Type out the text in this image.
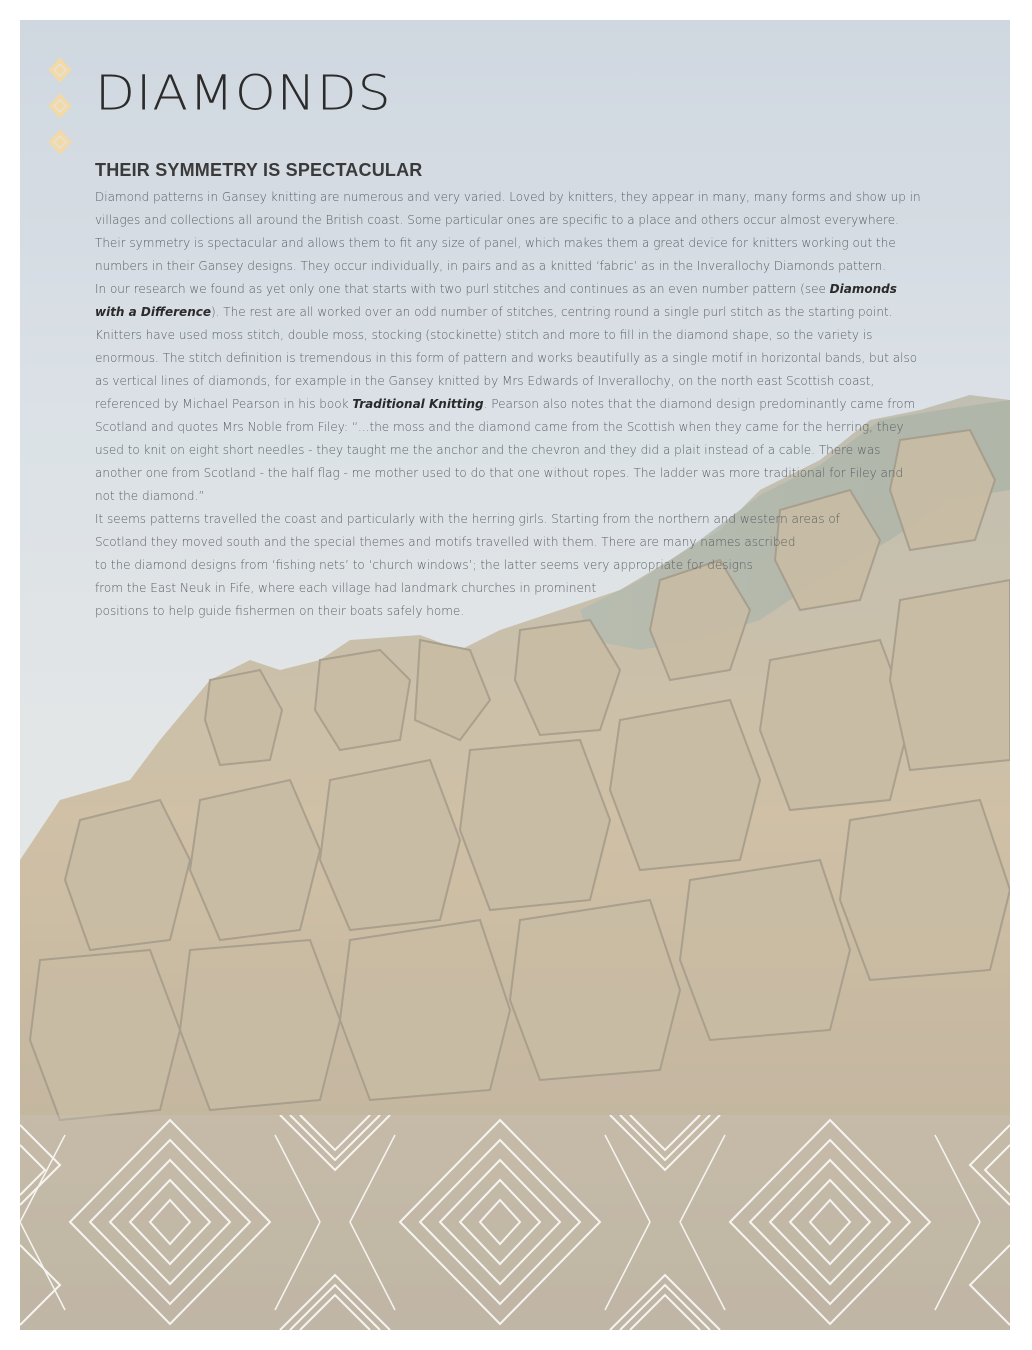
DIAMONDS
THEIR SYMMETRY IS SPECTACULAR

Diamond patterns in Gansey knitting are numerous and very varied. Loved by knitters, they appear in many, many forms and show up in villages and collections all around the British coast. Some particular ones are specific to a place and others occur almost everywhere. Their symmetry is spectacular and allows them to fit any size of panel, which makes them a great device for knitters working out the numbers in their Gansey designs. They occur individually, in pairs and as a knitted ‘fabric’ as in the Inverallochy Diamonds pattern.

In our research we found as yet only one that starts with two purl stitches and continues as an even number pattern (see Diamonds with a Difference). The rest are all worked over an odd number of stitches, centring round a single purl stitch as the starting point. Knitters have used moss stitch, double moss, stocking (stockinette) stitch and more to fill in the diamond shape, so the variety is enormous. The stitch definition is tremendous in this form of pattern and works beautifully as a single motif in horizontal bands, but also as vertical lines of diamonds, for example in the Gansey knitted by Mrs Edwards of Inverallochy, on the north east Scottish coast, referenced by Michael Pearson in his book Traditional Knitting. Pearson also notes that the diamond design predominantly came from Scotland and quotes Mrs Noble from Filey: “...the moss and the diamond came from the Scottish when they came for the herring, they used to knit on eight short needles - they taught me the anchor and the chevron and they did a plait instead of a cable. There was another one from Scotland - the half flag - me mother used to do that one without ropes. The ladder was more traditional for Filey and not the diamond.”

It seems patterns travelled the coast and particularly with the herring girls. Starting from the northern and western areas of
Scotland they moved south and the special themes and motifs travelled with them. There are many names ascribed
to the diamond designs from ‘fishing nets’ to ‘church windows’; the latter seems very appropriate for designs
from the East Neuk in Fife, where each village had landmark churches in prominent
positions to help guide fishermen on their boats safely home.
